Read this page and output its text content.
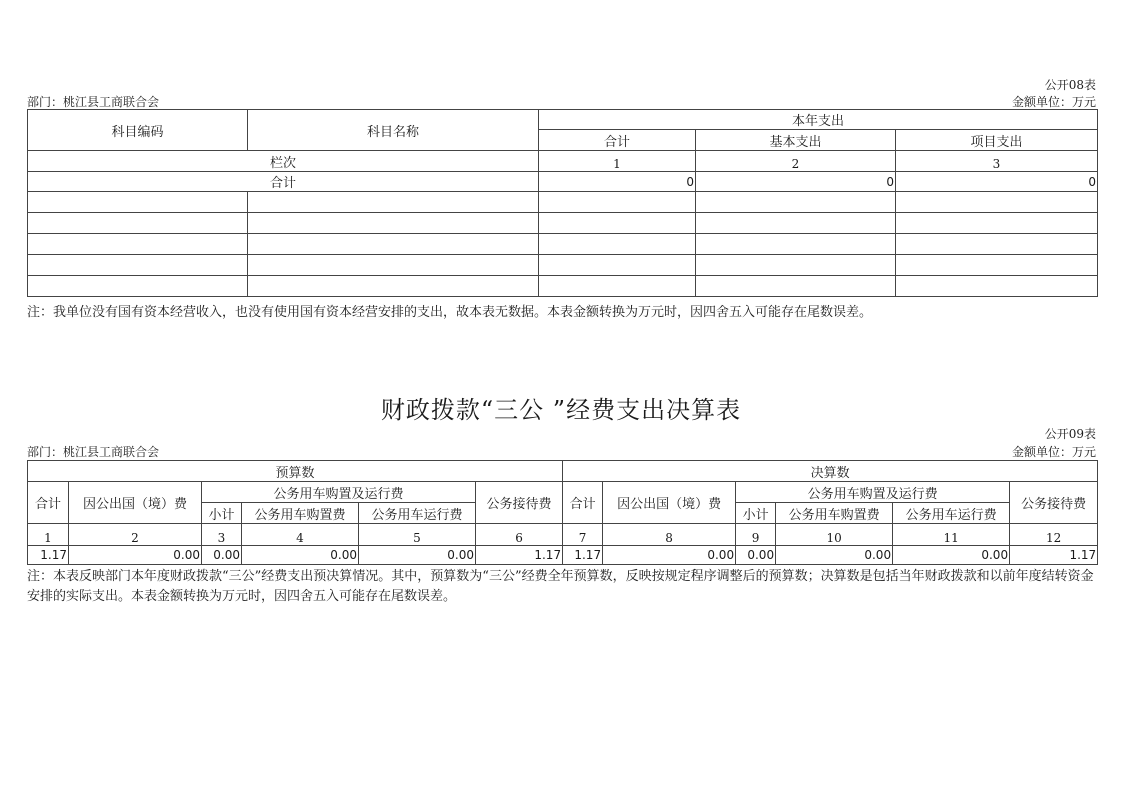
公开08表
部门：桃江县工商联合会	金额单位：万元
科目编码	科目名称	本年支出		
		合计	基本支出	项目支出
栏次		1	2	3
合计		0	0	0

注：我单位没有国有资本经营收入，也没有使用国有资本经营安排的支出，故本表无数据。本表金额转换为万元时，因四舍五入可能存在尾数误差。
财政拨款“三公 ”经费支出决算表
公开09表
部门：桃江县工商联合会	金额单位：万元
预算数						决算数					
合计	因公出国（境）费	公务用车购置及运行费			公务接待费	合计	因公出国（境）费	公务用车购置及运行费			公务接待费
		小计	公务用车购置费	公务用车运行费				小计	公务用车购置费	公务用车运行费	
1	2	3	4	5	6	7	8	9	10	11	12
1.17	0.00	0.00	0.00	0.00	1.17	1.17	0.00	0.00	0.00	0.00	1.17
注：本表反映部门本年度财政拨款“三公”经费支出预决算情况。其中，预算数为“三公”经费全年预算数，反映按规定程序调整后的预算数；决算数是包括当年财政拨款和以前年度结转资金安排的实际支出。本表金额转换为万元时，因四舍五入可能存在尾数误差。
